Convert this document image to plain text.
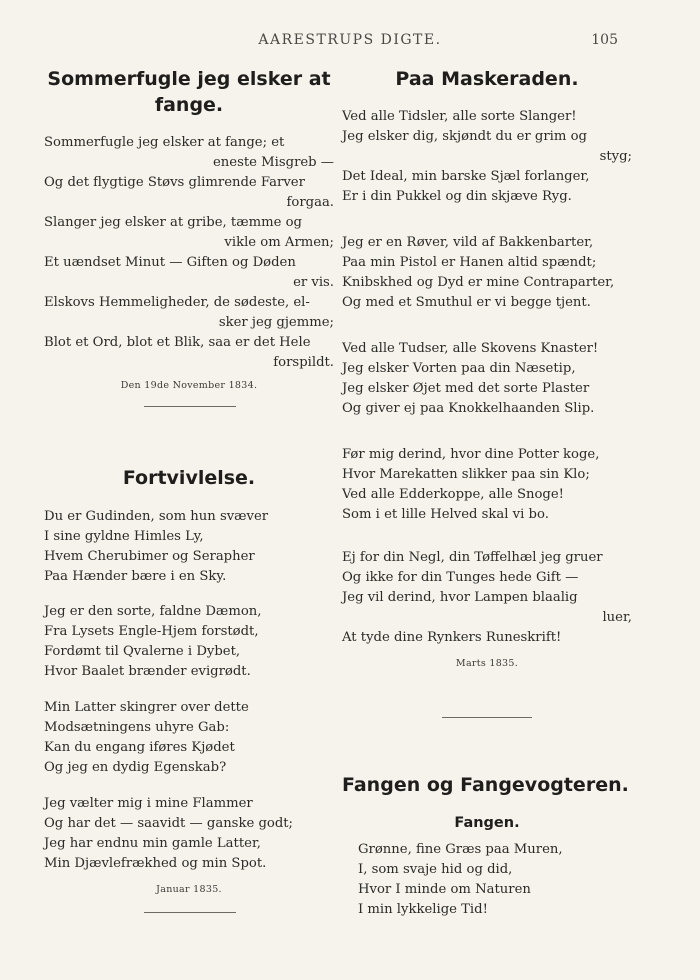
AARESTRUPS DIGTE.	105
Sommerfugle jeg elsker at
fange.
Sommerfugle jeg elsker at fange; et
eneste Misgreb —
Og det flygtige Støvs glimrende Farver
forgaa.
Slanger jeg elsker at gribe, tæmme og
vikle om Armen;
Et uændset Minut — Giften og Døden
er vis.
Elskovs Hemmeligheder, de sødeste, el-
sker jeg gjemme;
Blot et Ord, blot et Blik, saa er det Hele
forspildt.
Den 19de November 1834.
Fortvivlelse.
Du er Gudinden, som hun svæver
I sine gyldne Himles Ly,
Hvem Cherubimer og Serapher
Paa Hænder bære i en Sky.
Jeg er den sorte, faldne Dæmon,
Fra Lysets Engle-Hjem forstødt,
Fordømt til Qvalerne i Dybet,
Hvor Baalet brænder evigrødt.
Min Latter skingrer over dette
Modsætningens uhyre Gab:
Kan du engang iføres Kjødet
Og jeg en dydig Egenskab?
Jeg vælter mig i mine Flammer
Og har det — saavidt — ganske godt;
Jeg har endnu min gamle Latter,
Min Djævlefrækhed og min Spot.
Januar 1835.
Paa Maskeraden.
Ved alle Tidsler, alle sorte Slanger!
Jeg elsker dig, skjøndt du er grim og
styg;
Det Ideal, min barske Sjæl forlanger,
Er i din Pukkel og din skjæve Ryg.
Jeg er en Røver, vild af Bakkenbarter,
Paa min Pistol er Hanen altid spændt;
Knibskhed og Dyd er mine Contraparter,
Og med et Smuthul er vi begge tjent.
Ved alle Tudser, alle Skovens Knaster!
Jeg elsker Vorten paa din Næsetip,
Jeg elsker Øjet med det sorte Plaster
Og giver ej paa Knokkelhaanden Slip.
Før mig derind, hvor dine Potter koge,
Hvor Marekatten slikker paa sin Klo;
Ved alle Edderkoppe, alle Snoge!
Som i et lille Helved skal vi bo.
Ej for din Negl, din Tøffelhæl jeg gruer
Og ikke for din Tunges hede Gift —
Jeg vil derind, hvor Lampen blaalig
luer,
At tyde dine Rynkers Runeskrift!
Marts 1835.
Fangen og Fangevogteren.
Fangen.
Grønne, fine Græs paa Muren,
I, som svaje hid og did,
Hvor I minde om Naturen
I min lykkelige Tid!
